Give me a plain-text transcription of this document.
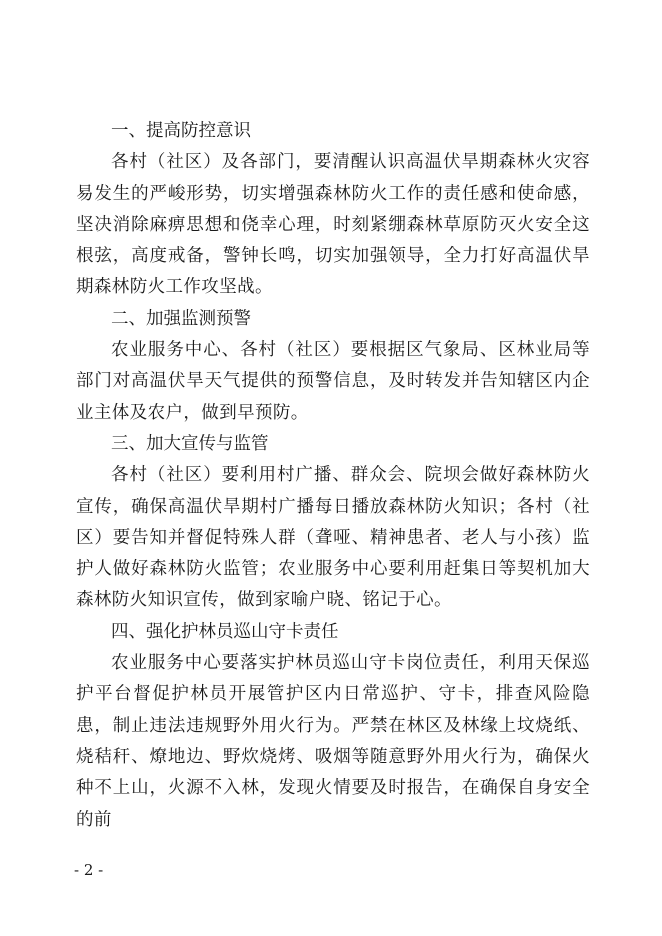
一、提高防控意识

各村（社区）及各部门，要清醒认识高温伏旱期森林火灾容易发生的严峻形势，切实增强森林防火工作的责任感和使命感，坚决消除麻痹思想和侥幸心理，时刻紧绷森林草原防灭火安全这根弦，高度戒备，警钟长鸣，切实加强领导，全力打好高温伏旱期森林防火工作攻坚战。

二、加强监测预警

农业服务中心、各村（社区）要根据区气象局、区林业局等部门对高温伏旱天气提供的预警信息，及时转发并告知辖区内企业主体及农户，做到早预防。

三、加大宣传与监管

各村（社区）要利用村广播、群众会、院坝会做好森林防火宣传，确保高温伏旱期村广播每日播放森林防火知识；各村（社区）要告知并督促特殊人群（聋哑、精神患者、老人与小孩）监护人做好森林防火监管；农业服务中心要利用赶集日等契机加大森林防火知识宣传，做到家喻户晓、铭记于心。

四、强化护林员巡山守卡责任

农业服务中心要落实护林员巡山守卡岗位责任，利用天保巡护平台督促护林员开展管护区内日常巡护、守卡，排查风险隐患，制止违法违规野外用火行为。严禁在林区及林缘上坟烧纸、烧秸秆、燎地边、野炊烧烤、吸烟等随意野外用火行为，确保火种不上山，火源不入林，发现火情要及时报告，在确保自身安全的前

- 2 -
